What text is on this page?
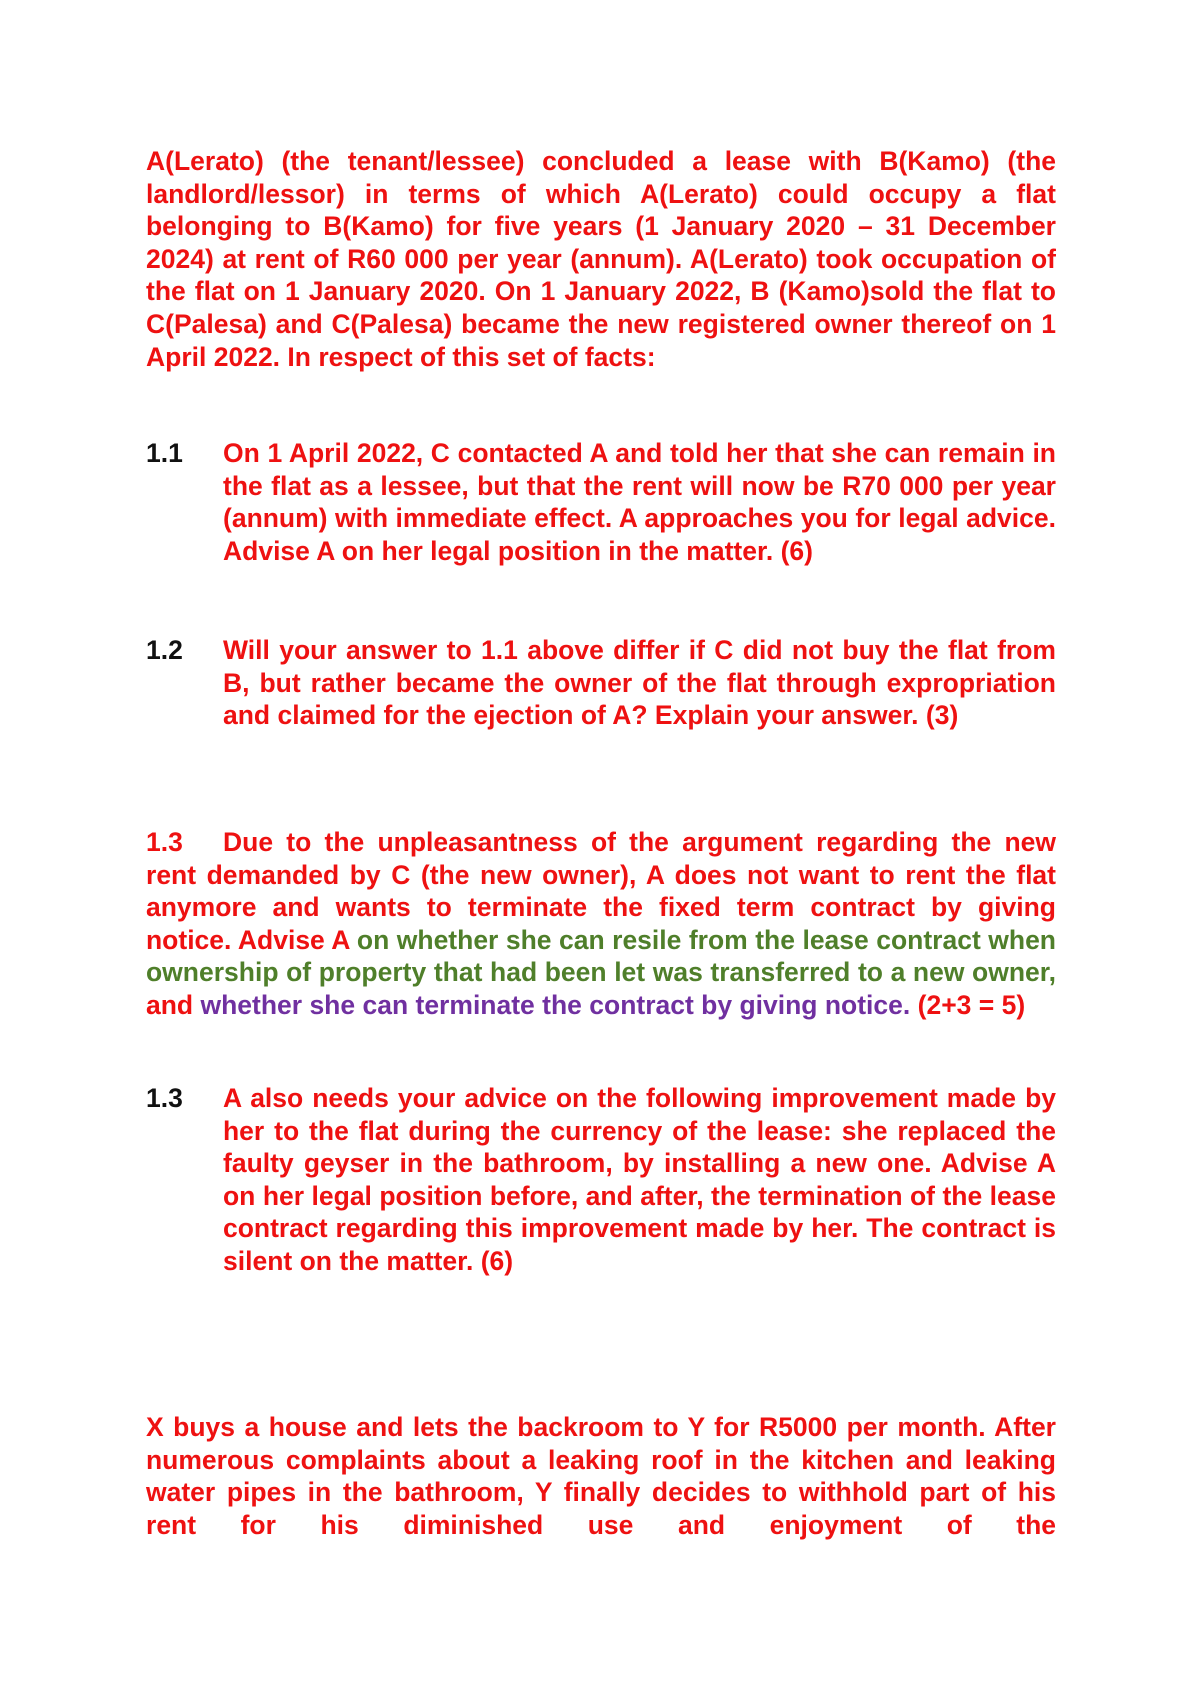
A(Lerato) (the tenant/lessee) concluded a lease with B(Kamo) (the landlord/lessor) in terms of which A(Lerato) could occupy a flat belonging to B(Kamo) for five years (1 January 2020 – 31 December 2024) at rent of R60 000 per year (annum). A(Lerato) took occupation of the flat on 1 January 2020. On 1 January 2022, B (Kamo)sold the flat to C(Palesa) and C(Palesa) became the new registered owner thereof on 1 April 2022. In respect of this set of facts:
1.1	On 1 April 2022, C contacted A and told her that she can remain in the flat as a lessee, but that the rent will now be R70 000 per year (annum) with immediate effect. A approaches you for legal advice. Advise A on her legal position in the matter. (6)
1.2	Will your answer to 1.1 above differ if C did not buy the flat from B, but rather became the owner of the flat through expropriation and claimed for the ejection of A? Explain your answer. (3)
1.3 Due to the unpleasantness of the argument regarding the new rent demanded by C (the new owner), A does not want to rent the flat anymore and wants to terminate the fixed term contract by giving notice. Advise A on whether she can resile from the lease contract when ownership of property that had been let was transferred to a new owner, and whether she can terminate the contract by giving notice. (2+3 = 5)
1.3	A also needs your advice on the following improvement made by her to the flat during the currency of the lease: she replaced the faulty geyser in the bathroom, by installing a new one. Advise A on her legal position before, and after, the termination of the lease contract regarding this improvement made by her. The contract is silent on the matter. (6)
X buys a house and lets the backroom to Y for R5000 per month. After numerous complaints about a leaking roof in the kitchen and leaking water pipes in the bathroom, Y finally decides to withhold part of his rent for his diminished use and enjoyment of the
